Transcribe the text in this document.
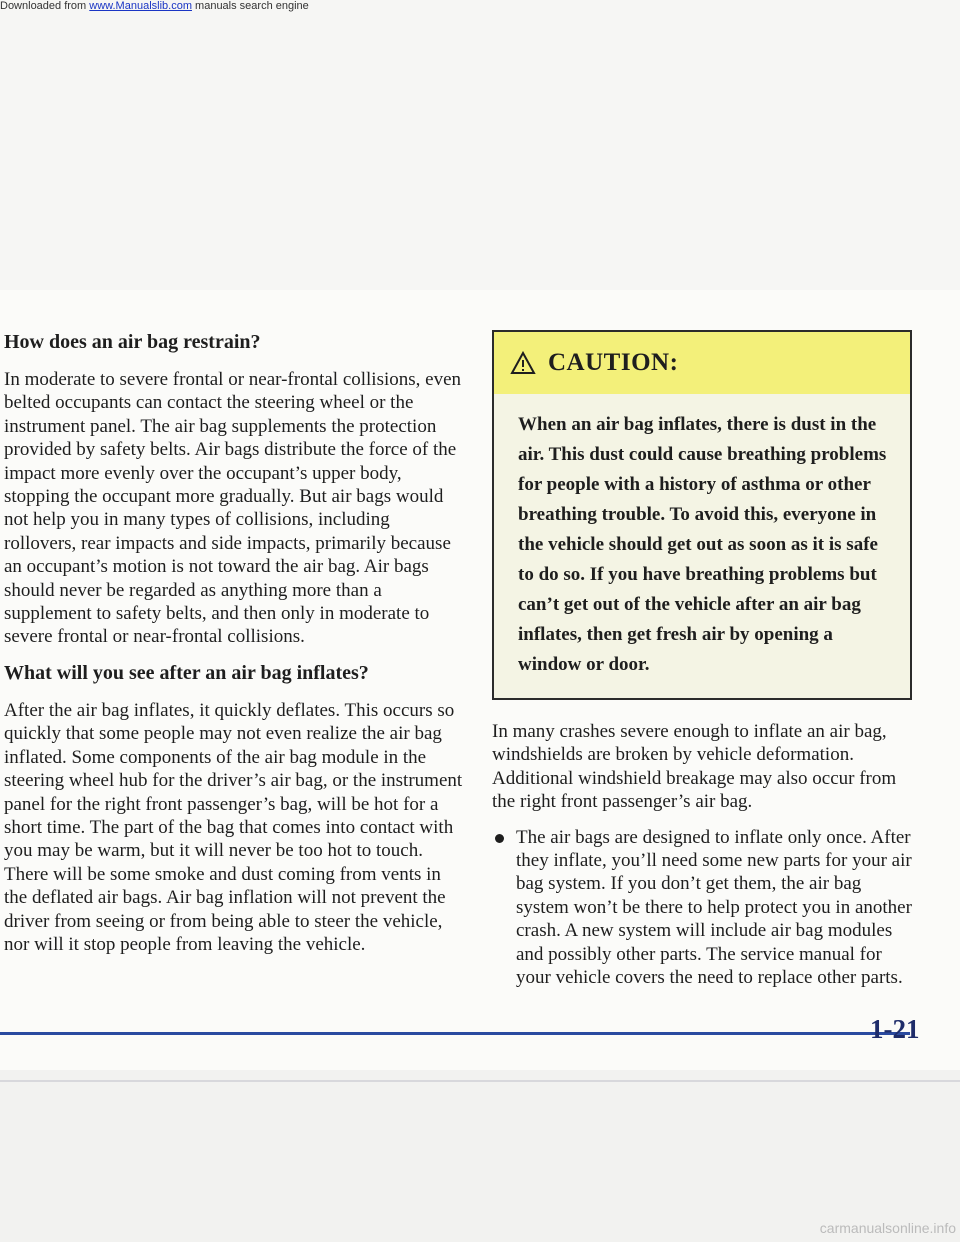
Downloaded from www.Manualslib.com manuals search engine
How does an air bag restrain?

In moderate to severe frontal or near-frontal collisions, even belted occupants can contact the steering wheel or the instrument panel. The air bag supplements the protection provided by safety belts. Air bags distribute the force of the impact more evenly over the occupant’s upper body, stopping the occupant more gradually. But air bags would not help you in many types of collisions, including rollovers, rear impacts and side impacts, primarily because an occupant’s motion is not toward the air bag. Air bags should never be regarded as anything more than a supplement to safety belts, and then only in moderate to severe frontal or near-frontal collisions.

What will you see after an air bag inflates?

After the air bag inflates, it quickly deflates. This occurs so quickly that some people may not even realize the air bag inflated. Some components of the air bag module in the steering wheel hub for the driver’s air bag, or the instrument panel for the right front passenger’s bag, will be hot for a short time. The part of the bag that comes into contact with you may be warm, but it will never be too hot to touch. There will be some smoke and dust coming from vents in the deflated air bags. Air bag inflation will not prevent the driver from seeing or from being able to steer the vehicle, nor will it stop people from leaving the vehicle.

CAUTION:
When an air bag inflates, there is dust in the air. This dust could cause breathing problems for people with a history of asthma or other breathing trouble. To avoid this, everyone in the vehicle should get out as soon as it is safe to do so. If you have breathing problems but can’t get out of the vehicle after an air bag inflates, then get fresh air by opening a window or door.

In many crashes severe enough to inflate an air bag, windshields are broken by vehicle deformation. Additional windshield breakage may also occur from the right front passenger’s air bag.

The air bags are designed to inflate only once. After they inflate, you’ll need some new parts for your air bag system. If you don’t get them, the air bag system won’t be there to help protect you in another crash. A new system will include air bag modules and possibly other parts. The service manual for your vehicle covers the need to replace other parts.

1-21
carmanualsonline.info
